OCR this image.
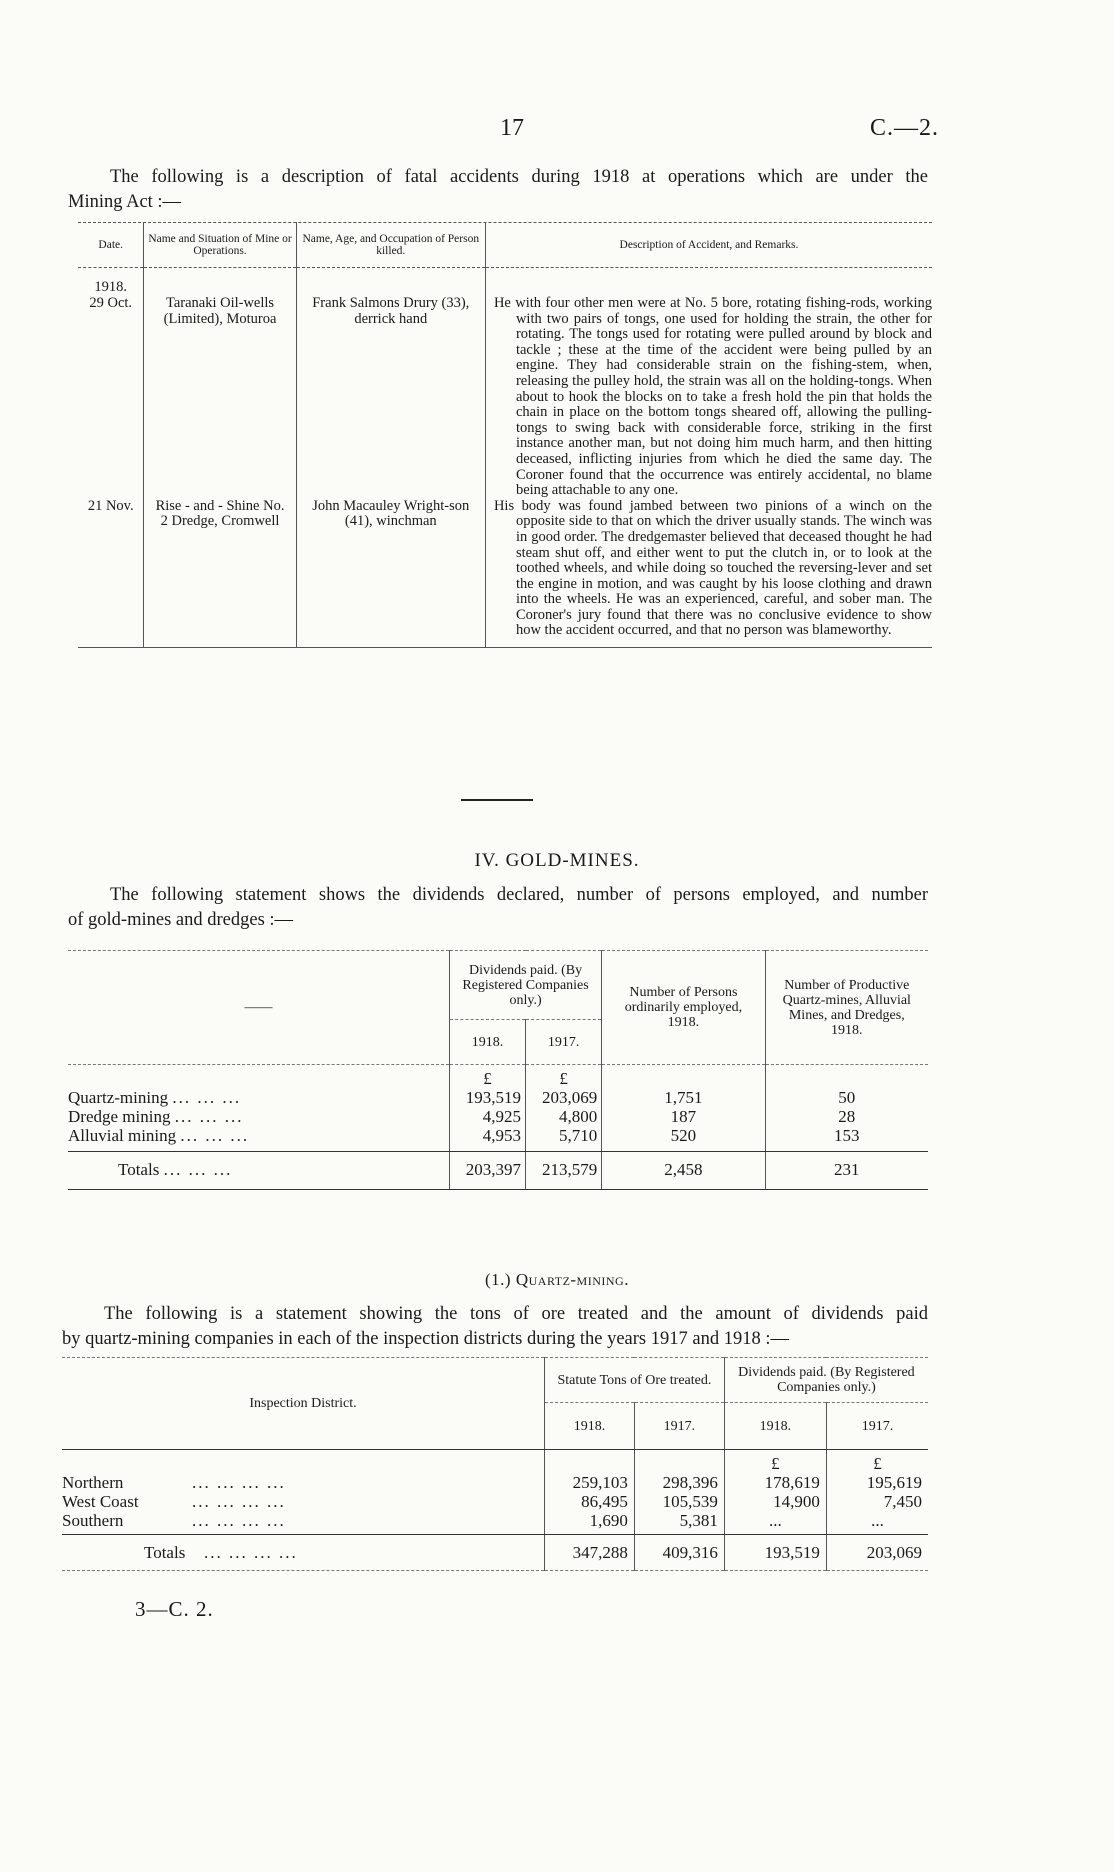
17	C.—2.
The following is a description of fatal accidents during 1918 at operations which are under the
Mining Act :—
Date.	Name and Situation of Mine or Operations.	Name, Age, and Occupation of Person killed.	Description of Accident, and Remarks.

1918.
29 Oct.	Taranaki Oil-wells (Limited), Moturoa	Frank Salmons Drury (33), derrick hand	He with four other men were at No. 5 bore, rotating fishing-rods, working with two pairs of tongs, one used for holding the strain, the other for rotating. The tongs used for rotating were pulled around by block and tackle ; these at the time of the accident were being pulled by an engine. They had considerable strain on the fishing-stem, when, releasing the pulley hold, the strain was all on the holding-tongs. When about to hook the blocks on to take a fresh hold the pin that holds the chain in place on the bottom tongs sheared off, allowing the pulling-tongs to swing back with considerable force, striking in the first instance another man, but not doing him much harm, and then hitting deceased, inflicting injuries from which he died the same day. The Coroner found that the occurrence was entirely accidental, no blame being attachable to any one.

21 Nov.	Rise - and - Shine No. 2 Dredge, Cromwell	John Macauley Wright-son (41), winchman	His body was found jambed between two pinions of a winch on the opposite side to that on which the driver usually stands. The winch was in good order. The dredgemaster believed that deceased thought he had steam shut off, and either went to put the clutch in, or to look at the toothed wheels, and while doing so touched the reversing-lever and set the engine in motion, and was caught by his loose clothing and drawn into the wheels. He was an experienced, careful, and sober man. The Coroner's jury found that there was no conclusive evidence to show how the accident occurred, and that no person was blameworthy.
IV. GOLD-MINES.
The following statement shows the dividends declared, number of persons employed, and number
of gold-mines and dredges :—
——	Dividends paid. (By Registered Companies only.)		Number of Persons ordinarily employed, 1918.	Number of Productive Quartz-mines, Alluvial Mines, and Dredges, 1918.
	1918.	1917.		
	£	£		
Quartz-mining ... ... ...	193,519	203,069	1,751	50
Dredge mining ... ... ...	4,925	4,800	187	28
Alluvial mining ... ... ...	4,953	5,710	520	153
Totals ... ... ...	203,397	213,579	2,458	231
(1.) Quartz-mining.
The following is a statement showing the tons of ore treated and the amount of dividends paid
by quartz-mining companies in each of the inspection districts during the years 1917 and 1918 :—
Inspection District.	Statute Tons of Ore treated.		Dividends paid. (By Registered Companies only.)	
	1918.	1917.	1918.	1917.
			£	£
Northern ... ... ... ...	259,103	298,396	178,619	195,619
West Coast ... ... ... ...	86,495	105,539	14,900	7,450
Southern ... ... ... ...	1,690	5,381	...	...
Totals ... ... ... ...	347,288	409,316	193,519	203,069
3—C. 2.
